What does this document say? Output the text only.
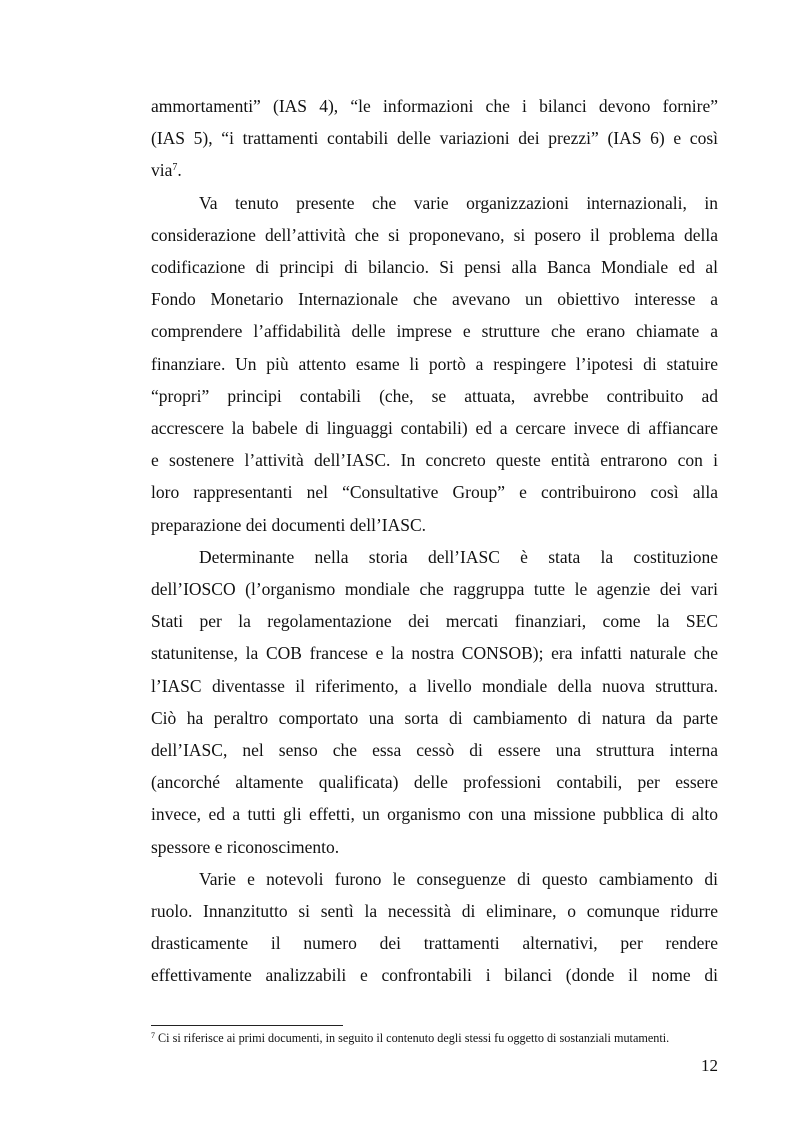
ammortamenti” (IAS 4), “le informazioni che i bilanci devono fornire”
(IAS 5), “i trattamenti contabili delle variazioni dei prezzi” (IAS 6) e così
via$^7$.

Va tenuto presente che varie organizzazioni internazionali, in
considerazione dell’attività che si proponevano, si posero il problema della
codificazione di principi di bilancio. Si pensi alla Banca Mondiale ed al
Fondo Monetario Internazionale che avevano un obiettivo interesse a
comprendere l’affidabilità delle imprese e strutture che erano chiamate a
finanziare. Un più attento esame li portò a respingere l’ipotesi di statuire
“propri” principi contabili (che, se attuata, avrebbe contribuito ad
accrescere la babele di linguaggi contabili) ed a cercare invece di affiancare
e sostenere l’attività dell’IASC. In concreto queste entità entrarono con i
loro rappresentanti nel “Consultative Group” e contribuirono così alla
preparazione dei documenti dell’IASC.

Determinante nella storia dell’IASC è stata la costituzione
dell’IOSCO (l’organismo mondiale che raggruppa tutte le agenzie dei vari
Stati per la regolamentazione dei mercati finanziari, come la SEC
statunitense, la COB francese e la nostra CONSOB); era infatti naturale che
l’IASC diventasse il riferimento, a livello mondiale della nuova struttura.
Ciò ha peraltro comportato una sorta di cambiamento di natura da parte
dell’IASC, nel senso che essa cessò di essere una struttura interna
(ancorché altamente qualificata) delle professioni contabili, per essere
invece, ed a tutti gli effetti, un organismo con una missione pubblica di alto
spessore e riconoscimento.

Varie e notevoli furono le conseguenze di questo cambiamento di
ruolo. Innanzitutto si sentì la necessità di eliminare, o comunque ridurre
drasticamente il numero dei trattamenti alternativi, per rendere
effettivamente analizzabili e confrontabili i bilanci (donde il nome di

$^7$ Ci si riferisce ai primi documenti, in seguito il contenuto degli stessi fu oggetto di sostanziali mutamenti.
12
